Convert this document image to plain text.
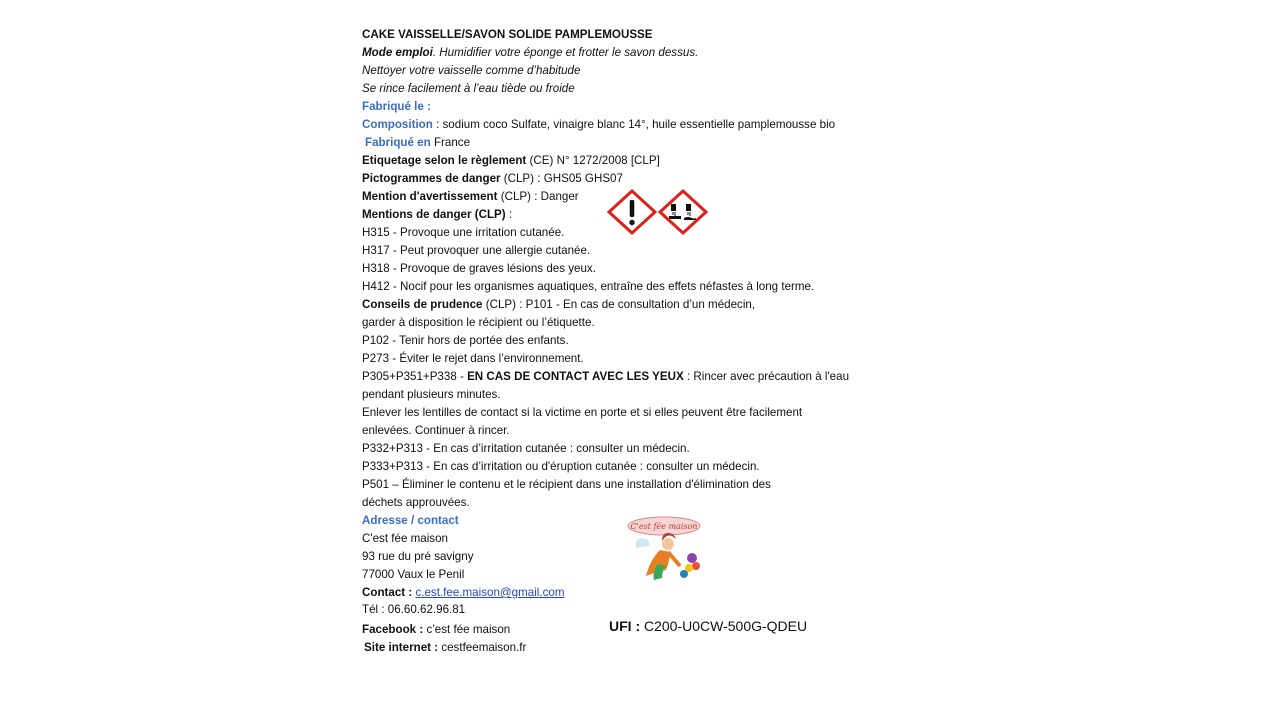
CAKE VAISSELLE/SAVON SOLIDE PAMPLEMOUSSE
Mode emploi. Humidifier votre éponge et frotter le savon dessus.
Nettoyer votre vaisselle comme d’habitude
Se rince facilement à l’eau tiède ou froide
Fabriqué le :
Composition : sodium coco Sulfate, vinaigre blanc 14°, huile essentielle pamplemousse bio
Fabriqué en France
Etiquetage selon le règlement (CE) N° 1272/2008 [CLP]
Pictogrammes de danger (CLP) : GHS05 GHS07
Mention d'avertissement (CLP) : Danger
Mentions de danger (CLP) :
H315 - Provoque une irritation cutanée.
H317 - Peut provoquer une allergie cutanée.
H318 - Provoque de graves lésions des yeux.
H412 - Nocif pour les organismes aquatiques, entraîne des effets néfastes à long terme.
Conseils de prudence (CLP) : P101 - En cas de consultation d’un médecin,
garder à disposition le récipient ou l’étiquette.
P102 - Tenir hors de portée des enfants.
P273 - Éviter le rejet dans l’environnement.
P305+P351+P338 - EN CAS DE CONTACT AVEC LES YEUX : Rincer avec précaution à l'eau
pendant plusieurs minutes.
Enlever les lentilles de contact si la victime en porte et si elles peuvent être facilement
enlevées. Continuer à rincer.
P332+P313 - En cas d’irritation cutanée : consulter un médecin.
P333+P313 - En cas d’irritation ou d'éruption cutanée : consulter un médecin.
P501 – Éliminer le contenu et le récipient dans une installation d'élimination des
déchets approuvées.
Adresse / contact
C'est fée maison
93 rue du pré savigny
77000 Vaux le Penil
Contact : c.est.fee.maison@gmail.com
Tél : 06.60.62.96.81
Facebook : c’est fée maison
Site internet : cestfeemaison.fr
UFI : C200-U0CW-500G-QDEU
C'est fée maison
